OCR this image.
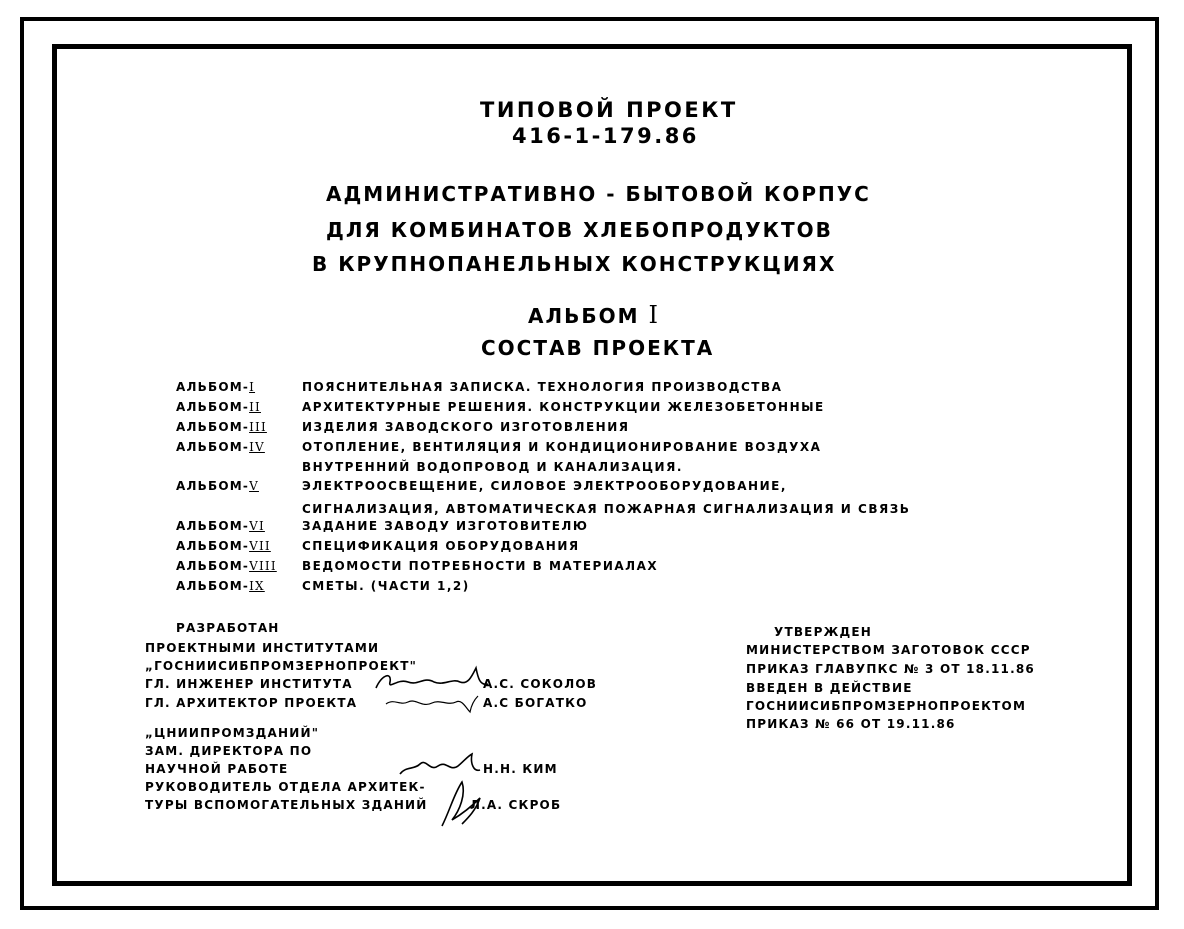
ТИПОВОЙ ПРОЕКТ
416-1-179.86
АДМИНИСТРАТИВНО - БЫТОВОЙ КОРПУС
ДЛЯ КОМБИНАТОВ ХЛЕБОПРОДУКТОВ
В КРУПНОПАНЕЛЬНЫХ КОНСТРУКЦИЯХ
АЛЬБОМ I
СОСТАВ ПРОЕКТА
АЛЬБОМ-I	ПОЯСНИТЕЛЬНАЯ ЗАПИСКА. ТЕХНОЛОГИЯ ПРОИЗВОДСТВА
АЛЬБОМ-II	АРХИТЕКТУРНЫЕ РЕШЕНИЯ. КОНСТРУКЦИИ ЖЕЛЕЗОБЕТОННЫЕ
АЛЬБОМ-III	ИЗДЕЛИЯ ЗАВОДСКОГО ИЗГОТОВЛЕНИЯ
АЛЬБОМ-IV	ОТОПЛЕНИЕ, ВЕНТИЛЯЦИЯ И КОНДИЦИОНИРОВАНИЕ ВОЗДУХА
ВНУТРЕННИЙ ВОДОПРОВОД И КАНАЛИЗАЦИЯ.
АЛЬБОМ-V	ЭЛЕКТРООСВЕЩЕНИЕ, СИЛОВОЕ ЭЛЕКТРООБОРУДОВАНИЕ,
СИГНАЛИЗАЦИЯ, АВТОМАТИЧЕСКАЯ ПОЖАРНАЯ СИГНАЛИЗАЦИЯ И СВЯЗЬ
АЛЬБОМ-VI	ЗАДАНИЕ ЗАВОДУ ИЗГОТОВИТЕЛЮ
АЛЬБОМ-VII	СПЕЦИФИКАЦИЯ ОБОРУДОВАНИЯ
АЛЬБОМ-VIII ВЕДОМОСТИ ПОТРЕБНОСТИ В МАТЕРИАЛАХ
АЛЬБОМ-IX	СМЕТЫ. (ЧАСТИ 1,2)
РАЗРАБОТАН
ПРОЕКТНЫМИ ИНСТИТУТАМИ
„ГОСНИИСИБПРОМЗЕРНОПРОЕКТ"
ГЛ. ИНЖЕНЕР ИНСТИТУТА	А.С. СОКОЛОВ
ГЛ. АРХИТЕКТОР ПРОЕКТА	А.С БОГАТКО
„ЦНИИПРОМЗДАНИЙ"
ЗАМ. ДИРЕКТОРА ПО
НАУЧНОЙ РАБОТЕ	Н.Н. КИМ
РУКОВОДИТЕЛЬ ОТДЕЛА АРХИТЕК-
ТУРЫ ВСПОМОГАТЕЛЬНЫХ ЗДАНИЙ	Л.А. СКРОБ
УТВЕРЖДЕН
МИНИСТЕРСТВОМ ЗАГОТОВОК СССР
ПРИКАЗ ГЛАВУПКС № 3 ОТ 18.11.86
ВВЕДЕН В ДЕЙСТВИЕ
ГОСНИИСИБПРОМЗЕРНОПРОЕКТОМ
ПРИКАЗ № 66 ОТ 19.11.86
